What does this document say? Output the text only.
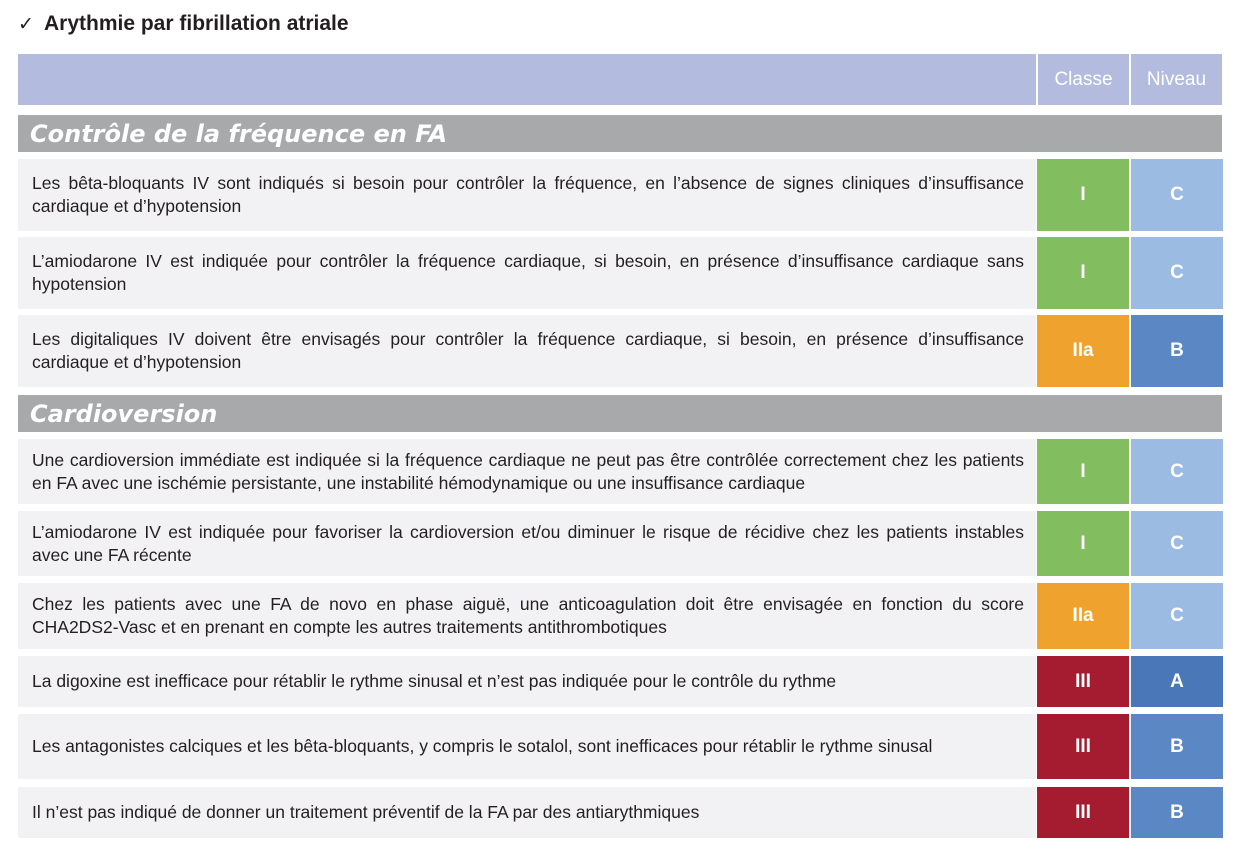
✓ Arythmie par fibrillation atriale
Classe	Niveau
Contrôle de la fréquence en FA
Les bêta-bloquants IV sont indiqués si besoin pour contrôler la fréquence, en l’absence de signes cliniques d’insuffisance cardiaque et d’hypotension
I	C
L’amiodarone IV est indiquée pour contrôler la fréquence cardiaque, si besoin, en présence d’insuffisance cardiaque sans hypotension
I	C
Les digitaliques IV doivent être envisagés pour contrôler la fréquence cardiaque, si besoin, en présence d’insuffisance cardiaque et d’hypotension
IIa	B
Cardioversion
Une cardioversion immédiate est indiquée si la fréquence cardiaque ne peut pas être contrôlée correctement chez les patients en FA avec une ischémie persistante, une instabilité hémodynamique ou une insuffisance cardiaque
I	C
L’amiodarone IV est indiquée pour favoriser la cardioversion et/ou diminuer le risque de récidive chez les patients instables avec une FA récente
I	C
Chez les patients avec une FA de novo en phase aiguë, une anticoagulation doit être envisagée en fonction du score CHA2DS2-Vasc et en prenant en compte les autres traitements antithrombotiques
IIa	C
La digoxine est inefficace pour rétablir le rythme sinusal et n’est pas indiquée pour le contrôle du rythme	III	A
Les antagonistes calciques et les bêta-bloquants, y compris le sotalol, sont inefficaces pour rétablir le rythme sinusal	III	B
Il n’est pas indiqué de donner un traitement préventif de la FA par des antiarythmiques	III	B
